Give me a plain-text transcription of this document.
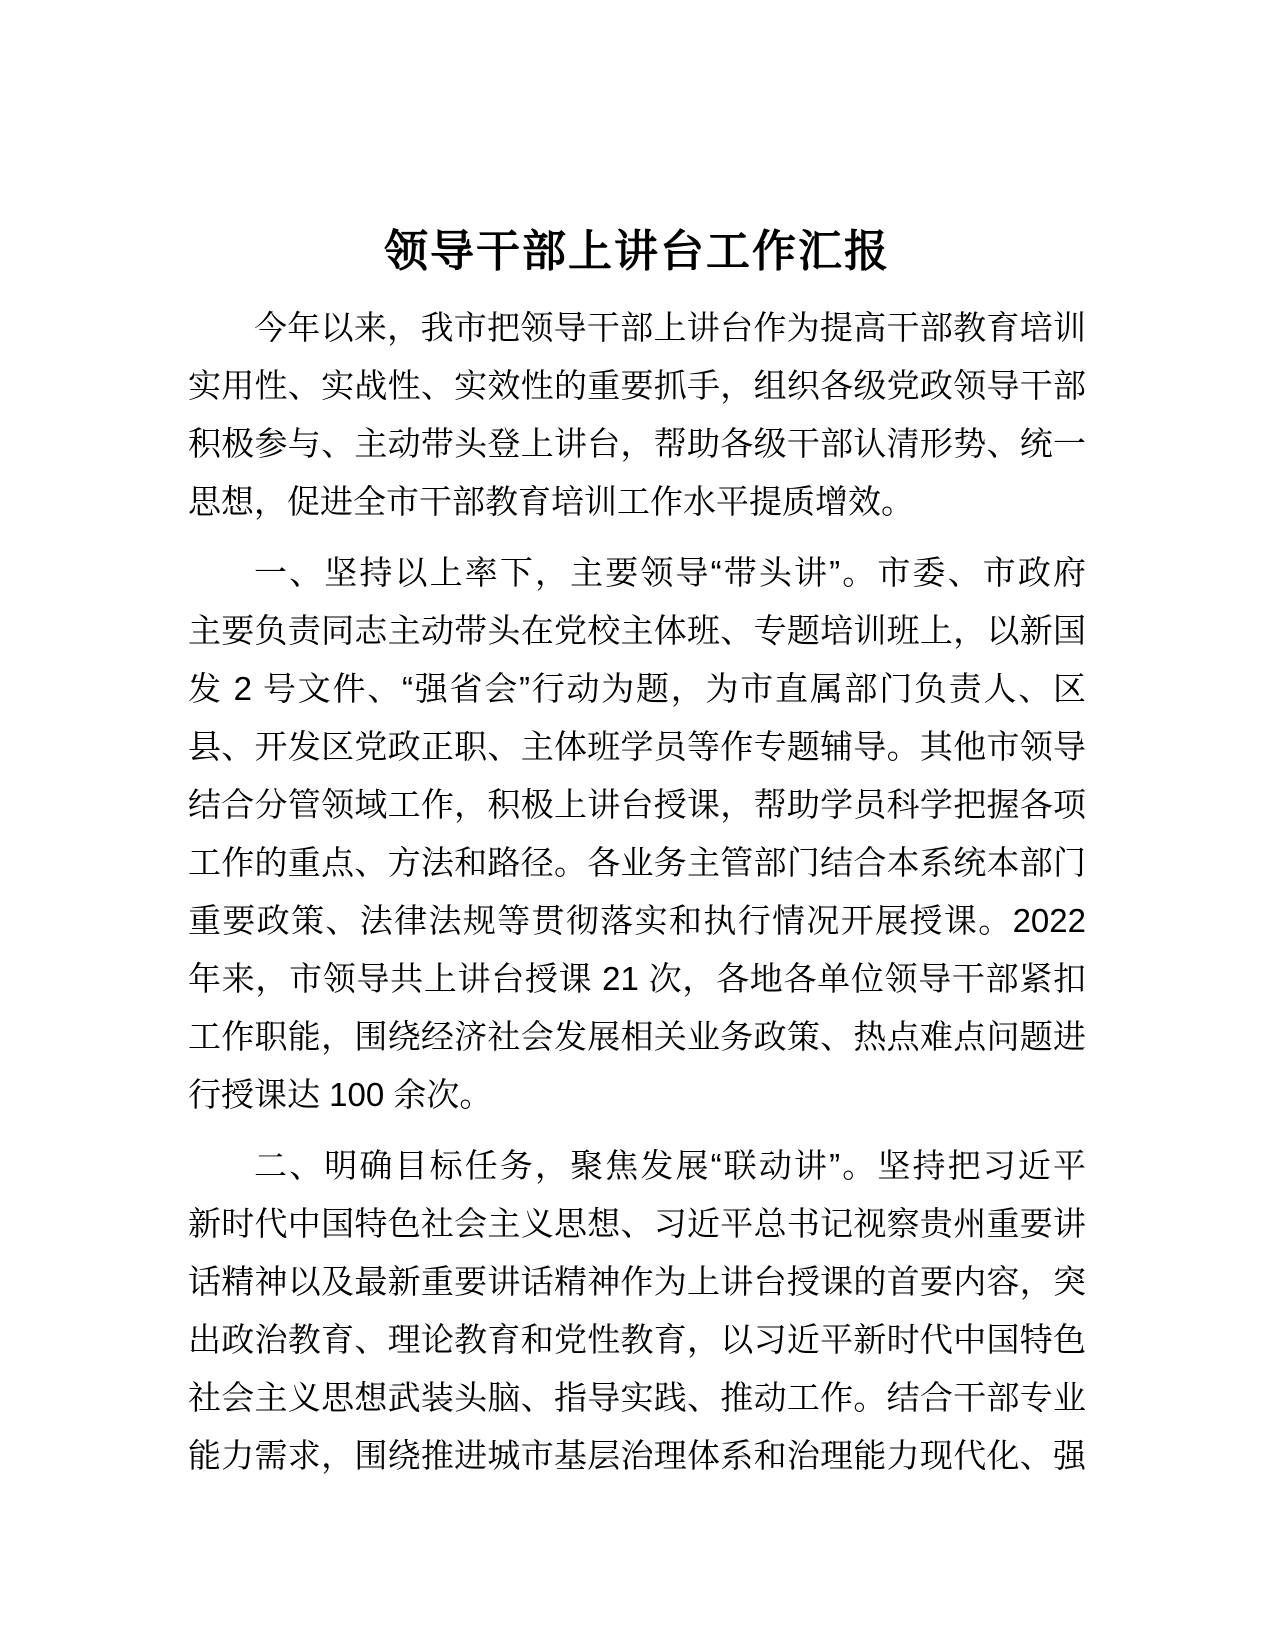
领导干部上讲台工作汇报
今年以来，我市把领导干部上讲台作为提高干部教育培训
实用性、实战性、实效性的重要抓手，组织各级党政领导干部
积极参与、主动带头登上讲台，帮助各级干部认清形势、统一
思想，促进全市干部教育培训工作水平提质增效。
一、坚持以上率下，主要领导“带头讲”。市委、市政府
主要负责同志主动带头在党校主体班、专题培训班上，以新国
发 2 号文件、“强省会”行动为题，为市直属部门负责人、区
县、开发区党政正职、主体班学员等作专题辅导。其他市领导
结合分管领域工作，积极上讲台授课，帮助学员科学把握各项
工作的重点、方法和路径。各业务主管部门结合本系统本部门
重要政策、法律法规等贯彻落实和执行情况开展授课。2022
年来，市领导共上讲台授课 21 次，各地各单位领导干部紧扣
工作职能，围绕经济社会发展相关业务政策、热点难点问题进
行授课达 100 余次。
二、明确目标任务，聚焦发展“联动讲”。坚持把习近平
新时代中国特色社会主义思想、习近平总书记视察贵州重要讲
话精神以及最新重要讲话精神作为上讲台授课的首要内容，突
出政治教育、理论教育和党性教育，以习近平新时代中国特色
社会主义思想武装头脑、指导实践、推动工作。结合干部专业
能力需求，围绕推进城市基层治理体系和治理能力现代化、强
